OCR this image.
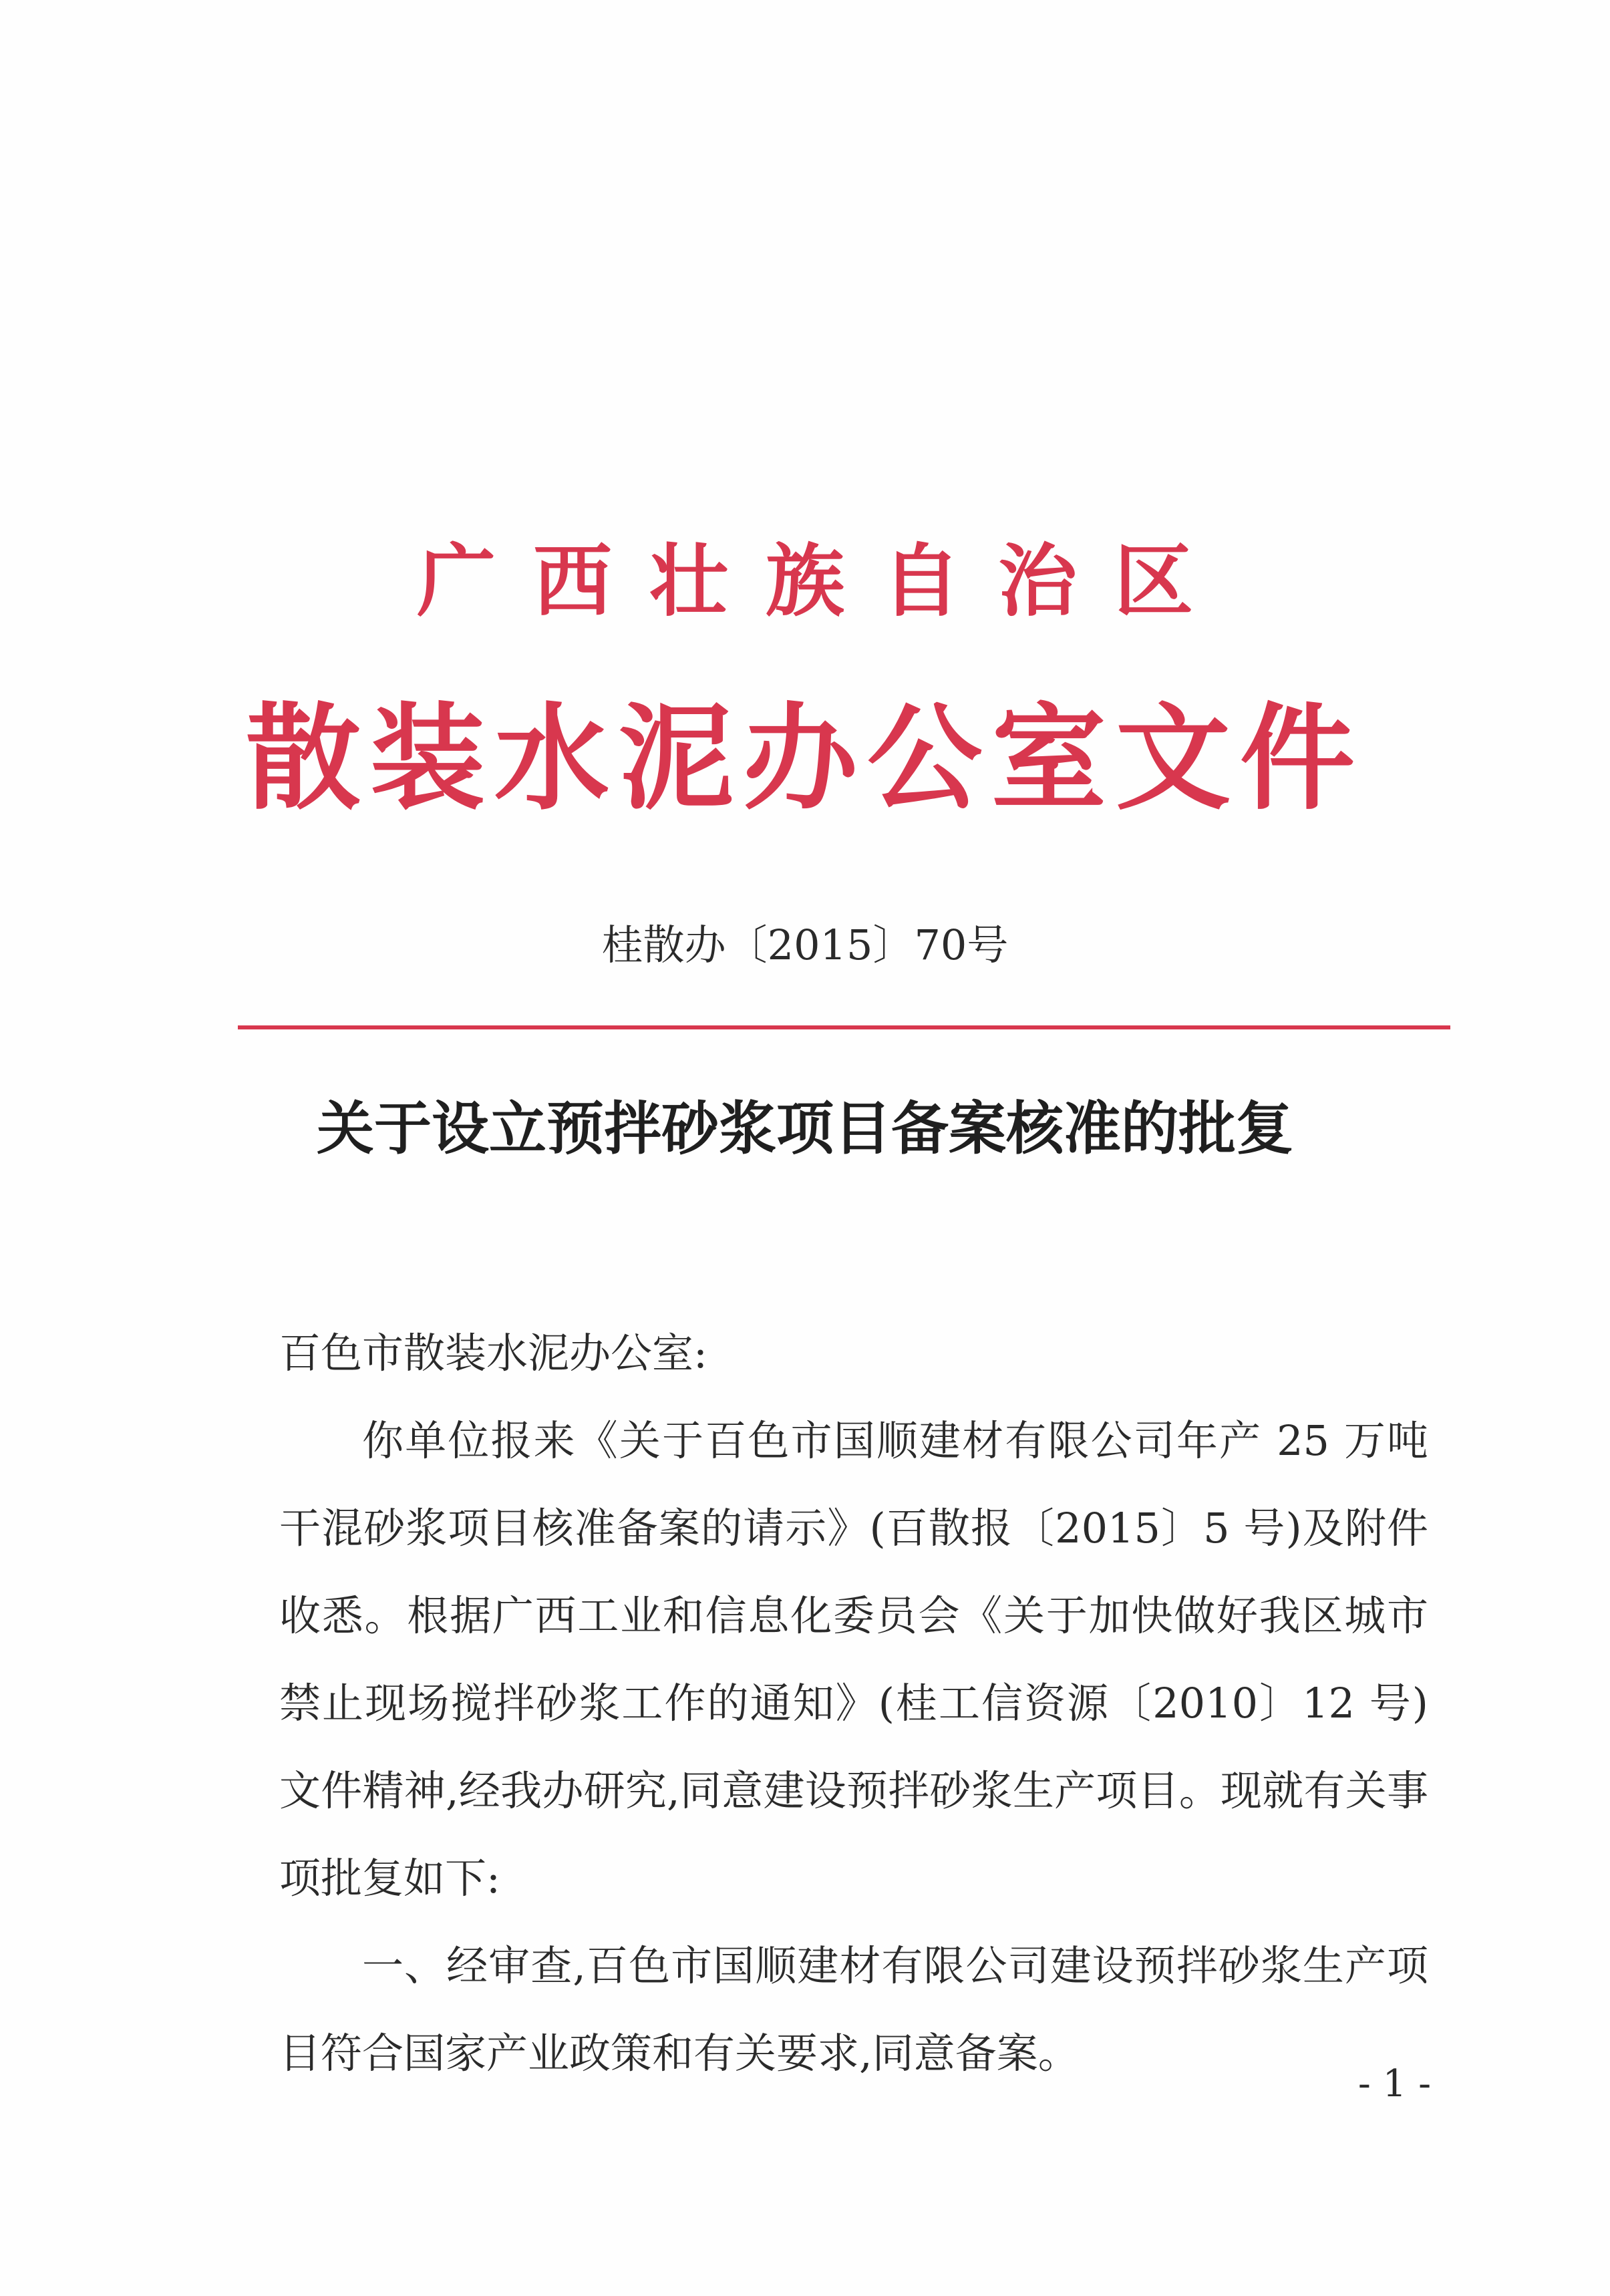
广西壮族自治区
散装水泥办公室文件
桂散办〔2015〕70号
关于设立预拌砂浆项目备案核准的批复

百色市散装水泥办公室:

你单位报来《关于百色市国顺建材有限公司年产 25 万吨干混砂浆项目核准备案的请示》(百散报〔2015〕5 号)及附件收悉。根据广西工业和信息化委员会《关于加快做好我区城市禁止现场搅拌砂浆工作的通知》(桂工信资源〔2010〕12 号)文件精神,经我办研究,同意建设预拌砂浆生产项目。现就有关事项批复如下:

一、经审查,百色市国顺建材有限公司建设预拌砂浆生产项目符合国家产业政策和有关要求,同意备案。

- 1 -
